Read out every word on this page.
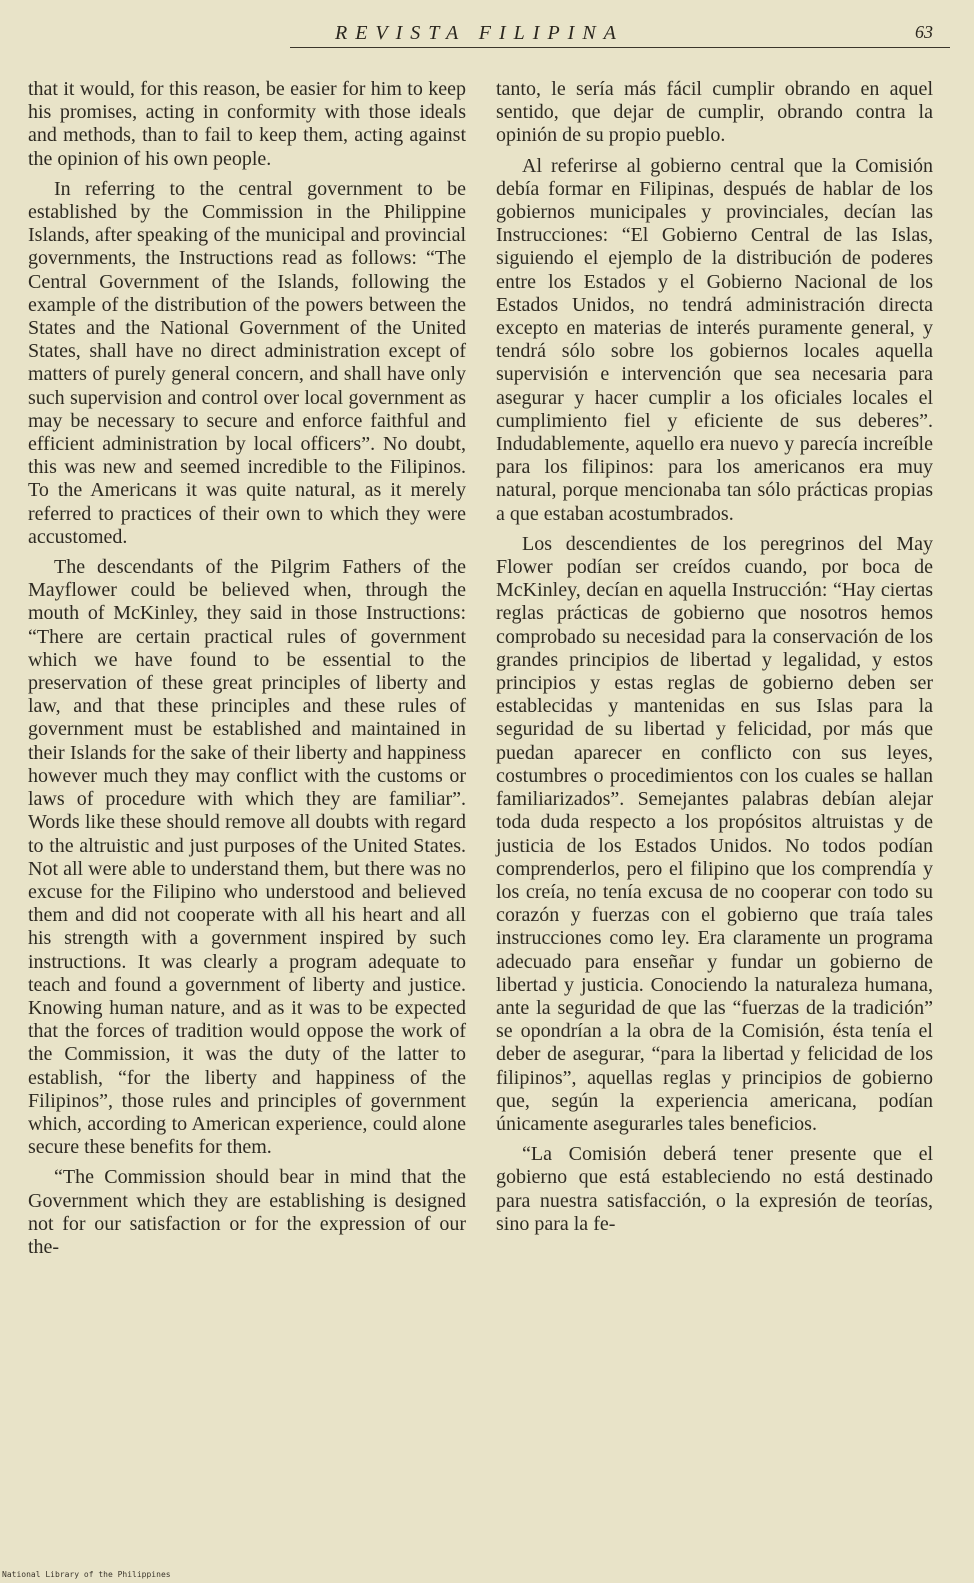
REVISTA FILIPINA	63

that it would, for this reason, be easier for him to keep his promises, acting in conformity with those ideals and methods, than to fail to keep them, acting against the opinion of his own people.

In referring to the central government to be established by the Commission in the Philippine Islands, after speaking of the municipal and provincial governments, the Instructions read as follows: “The Central Government of the Islands, following the example of the distribution of the powers between the States and the National Government of the United States, shall have no direct administration except of matters of purely general concern, and shall have only such supervision and control over local government as may be necessary to secure and enforce faithful and efficient administration by local officers”. No doubt, this was new and seemed incredible to the Filipinos. To the Americans it was quite natural, as it merely referred to practices of their own to which they were accustomed.

The descendants of the Pilgrim Fathers of the Mayflower could be believed when, through the mouth of McKinley, they said in those Instructions: “There are certain practical rules of government which we have found to be essential to the preservation of these great principles of liberty and law, and that these principles and these rules of government must be established and maintained in their Islands for the sake of their liberty and happiness however much they may conflict with the customs or laws of procedure with which they are familiar”. Words like these should remove all doubts with regard to the altruistic and just purposes of the United States. Not all were able to understand them, but there was no excuse for the Filipino who understood and believed them and did not cooperate with all his heart and all his strength with a government inspired by such instructions. It was clearly a program adequate to teach and found a government of liberty and justice. Knowing human nature, and as it was to be expected that the forces of tradition would oppose the work of the Commission, it was the duty of the latter to establish, “for the liberty and happiness of the Filipinos”, those rules and principles of government which, according to American experience, could alone secure these benefits for them.

“The Commission should bear in mind that the Government which they are establishing is designed not for our satisfaction or for the expression of our the-

tanto, le sería más fácil cumplir obrando en aquel sentido, que dejar de cumplir, obrando contra la opinión de su propio pueblo.

Al referirse al gobierno central que la Comisión debía formar en Filipinas, después de hablar de los gobiernos municipales y provinciales, decían las Instrucciones: “El Gobierno Central de las Islas, siguiendo el ejemplo de la distribución de poderes entre los Estados y el Gobierno Nacional de los Estados Unidos, no tendrá administración directa excepto en materias de interés puramente general, y tendrá sólo sobre los gobiernos locales aquella supervisión e intervención que sea necesaria para asegurar y hacer cumplir a los oficiales locales el cumplimiento fiel y eficiente de sus deberes”. Indudablemente, aquello era nuevo y parecía increíble para los filipinos: para los americanos era muy natural, porque mencionaba tan sólo prácticas propias a que estaban acostumbrados.

Los descendientes de los peregrinos del May Flower podían ser creídos cuando, por boca de McKinley, decían en aquella Instrucción: “Hay ciertas reglas prácticas de gobierno que nosotros hemos comprobado su necesidad para la conservación de los grandes principios de libertad y legalidad, y estos principios y estas reglas de gobierno deben ser establecidas y mantenidas en sus Islas para la seguridad de su libertad y felicidad, por más que puedan aparecer en conflicto con sus leyes, costumbres o procedimientos con los cuales se hallan familiarizados”. Semejantes palabras debían alejar toda duda respecto a los propósitos altruistas y de justicia de los Estados Unidos. No todos podían comprenderlos, pero el filipino que los comprendía y los creía, no tenía excusa de no cooperar con todo su corazón y fuerzas con el gobierno que traía tales instrucciones como ley. Era claramente un programa adecuado para enseñar y fundar un gobierno de libertad y justicia. Conociendo la naturaleza humana, ante la seguridad de que las “fuerzas de la tradición” se opondrían a la obra de la Comisión, ésta tenía el deber de asegurar, “para la libertad y felicidad de los filipinos”, aquellas reglas y principios de gobierno que, según la experiencia americana, podían únicamente asegurarles tales beneficios.

“La Comisión deberá tener presente que el gobierno que está estableciendo no está destinado para nuestra satisfacción, o la expresión de teorías, sino para la fe-

National Library of the Philippines
